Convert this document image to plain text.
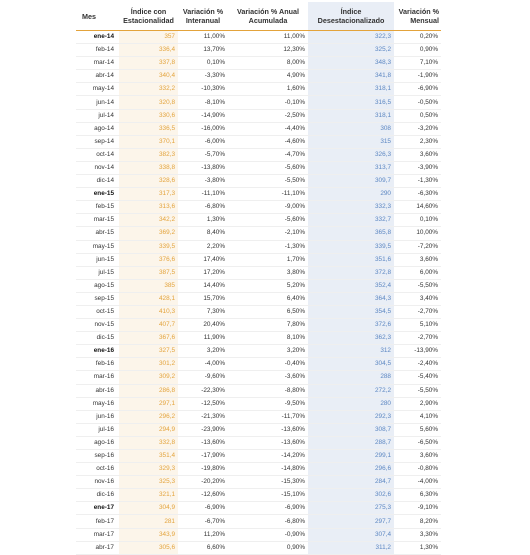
Mes	Índice con Estacionalidad	Variación % Interanual	Variación % Anual Acumulada	Índice Desestacionalizado	Variación % Mensual
ene-14	357	11,00%	11,00%	322,3	0,20%
feb-14	336,4	13,70%	12,30%	325,2	0,90%
mar-14	337,8	0,10%	8,00%	348,3	7,10%
abr-14	340,4	-3,30%	4,90%	341,8	-1,90%
may-14	332,2	-10,30%	1,60%	318,1	-6,90%
jun-14	320,8	-8,10%	-0,10%	316,5	-0,50%
jul-14	330,6	-14,90%	-2,50%	318,1	0,50%
ago-14	336,5	-16,00%	-4,40%	308	-3,20%
sep-14	370,1	-6,00%	-4,60%	315	2,30%
oct-14	382,3	-5,70%	-4,70%	326,3	3,60%
nov-14	338,8	-13,80%	-5,60%	313,7	-3,90%
dic-14	328,6	-3,80%	-5,50%	309,7	-1,30%
ene-15	317,3	-11,10%	-11,10%	290	-6,30%
feb-15	313,6	-6,80%	-9,00%	332,3	14,60%
mar-15	342,2	1,30%	-5,60%	332,7	0,10%
abr-15	369,2	8,40%	-2,10%	365,8	10,00%
may-15	339,5	2,20%	-1,30%	339,5	-7,20%
jun-15	376,6	17,40%	1,70%	351,6	3,60%
jul-15	387,5	17,20%	3,80%	372,8	6,00%
ago-15	385	14,40%	5,20%	352,4	-5,50%
sep-15	428,1	15,70%	6,40%	364,3	3,40%
oct-15	410,3	7,30%	6,50%	354,5	-2,70%
nov-15	407,7	20,40%	7,80%	372,6	5,10%
dic-15	367,6	11,90%	8,10%	362,3	-2,70%
ene-16	327,5	3,20%	3,20%	312	-13,90%
feb-16	301,2	-4,00%	-0,40%	304,5	-2,40%
mar-16	309,2	-9,60%	-3,60%	288	-5,40%
abr-16	286,8	-22,30%	-8,80%	272,2	-5,50%
may-16	297,1	-12,50%	-9,50%	280	2,90%
jun-16	296,2	-21,30%	-11,70%	292,3	4,10%
jul-16	294,9	-23,90%	-13,60%	308,7	5,60%
ago-16	332,8	-13,60%	-13,60%	288,7	-6,50%
sep-16	351,4	-17,90%	-14,20%	299,1	3,60%
oct-16	329,3	-19,80%	-14,80%	296,6	-0,80%
nov-16	325,3	-20,20%	-15,30%	284,7	-4,00%
dic-16	321,1	-12,60%	-15,10%	302,6	6,30%
ene-17	304,9	-6,90%	-6,90%	275,3	-9,10%
feb-17	281	-6,70%	-6,80%	297,7	8,20%
mar-17	343,9	11,20%	-0,90%	307,4	3,30%
abr-17	305,6	6,60%	0,90%	311,2	1,30%
